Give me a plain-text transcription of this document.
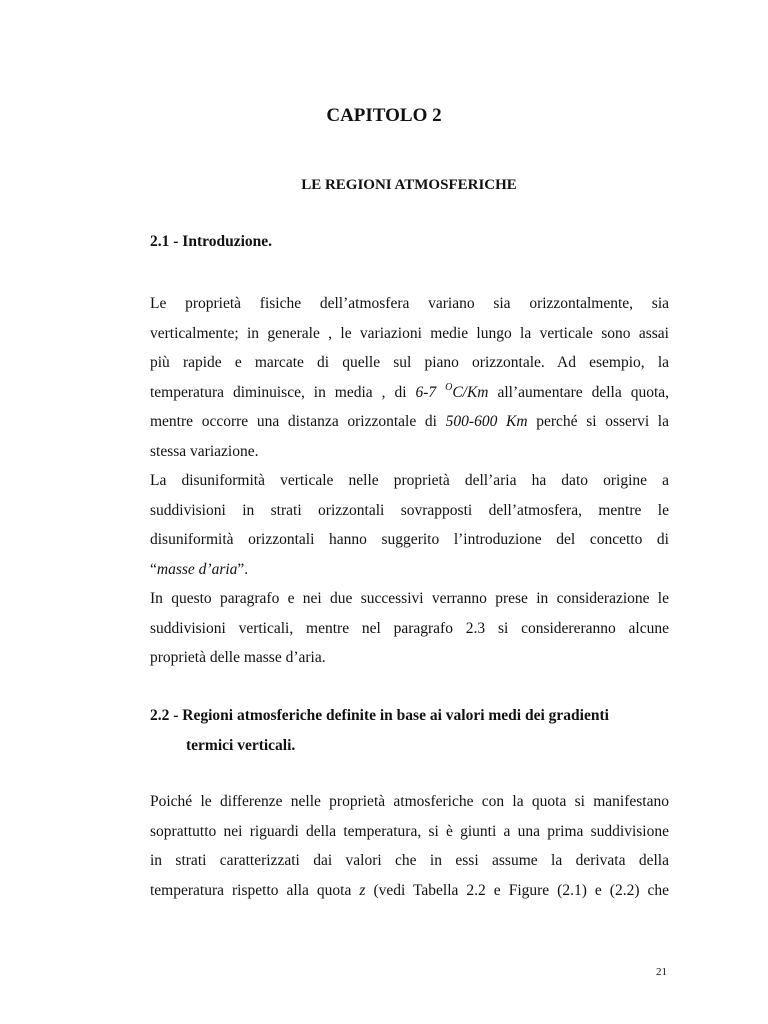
CAPITOLO 2
LE REGIONI ATMOSFERICHE
2.1 - Introduzione.
Le proprietà fisiche dell’atmosfera variano sia orizzontalmente, sia
verticalmente; in generale , le variazioni medie lungo la verticale sono assai
più rapide e marcate di quelle sul piano orizzontale. Ad esempio, la
temperatura diminuisce, in media , di 6-7 $^O$C/Km all’aumentare della quota,
mentre occorre una distanza orizzontale di 500-600 Km perché si osservi la
stessa variazione.
La disuniformità verticale nelle proprietà dell’aria ha dato origine a
suddivisioni in strati orizzontali sovrapposti dell’atmosfera, mentre le
disuniformità orizzontali hanno suggerito l’introduzione del concetto di
“masse d’aria”.
In questo paragrafo e nei due successivi verranno prese in considerazione le
suddivisioni verticali, mentre nel paragrafo 2.3 si considereranno alcune
proprietà delle masse d’aria.
2.2 - Regioni atmosferiche definite in base ai valori medi dei gradienti
termici verticali.
Poiché le differenze nelle proprietà atmosferiche con la quota si manifestano
soprattutto nei riguardi della temperatura, si è giunti a una prima suddivisione
in strati caratterizzati dai valori che in essi assume la derivata della
temperatura rispetto alla quota z (vedi Tabella 2.2 e Figure (2.1) e (2.2) che
21
